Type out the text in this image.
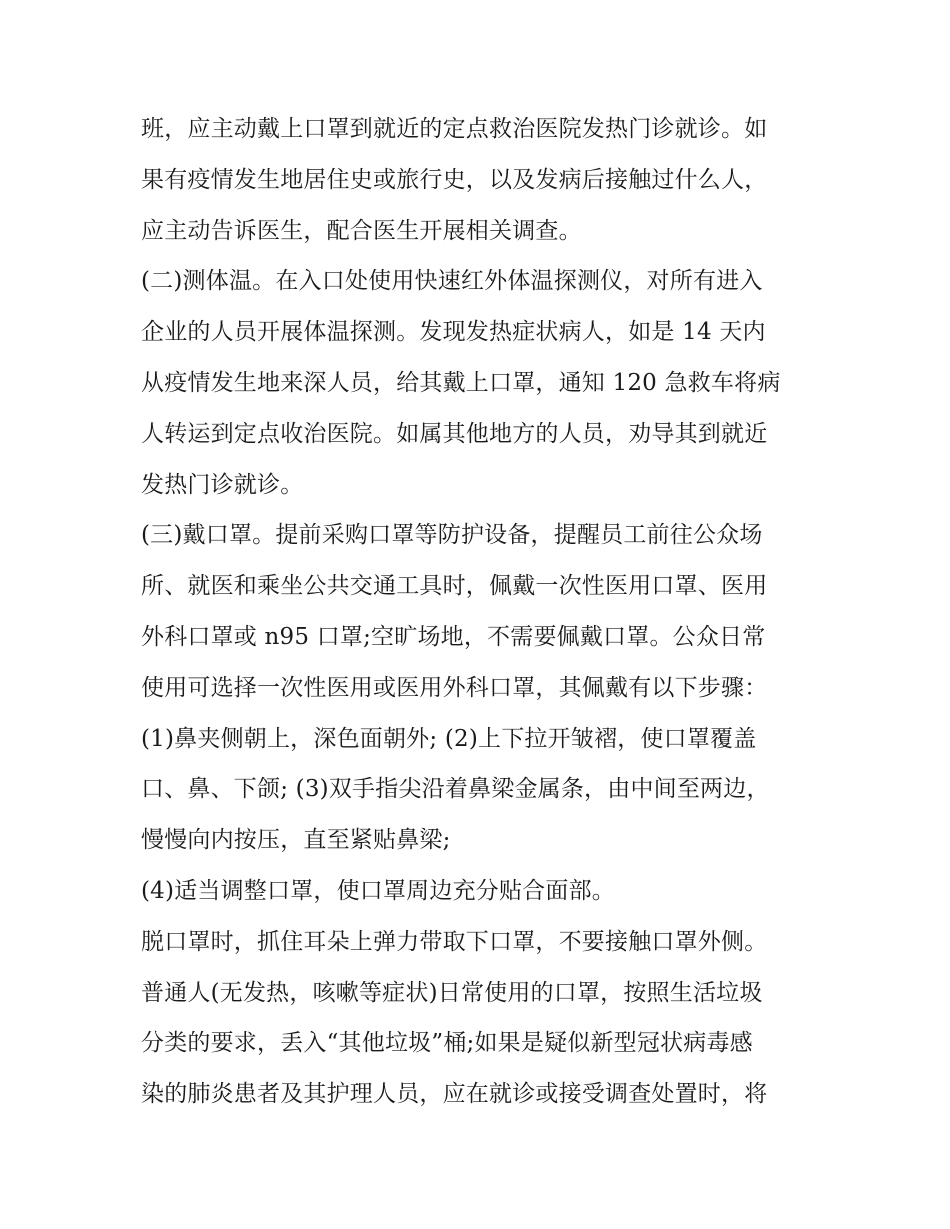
班，应主动戴上口罩到就近的定点救治医院发热门诊就诊。如
果有疫情发生地居住史或旅行史，以及发病后接触过什么人，
应主动告诉医生，配合医生开展相关调查。
(二)测体温。在入口处使用快速红外体温探测仪，对所有进入
企业的人员开展体温探测。发现发热症状病人，如是 14 天内
从疫情发生地来深人员，给其戴上口罩，通知 120 急救车将病
人转运到定点收治医院。如属其他地方的人员，劝导其到就近
发热门诊就诊。
(三)戴口罩。提前采购口罩等防护设备，提醒员工前往公众场
所、就医和乘坐公共交通工具时，佩戴一次性医用口罩、医用
外科口罩或 n95 口罩;空旷场地，不需要佩戴口罩。公众日常
使用可选择一次性医用或医用外科口罩，其佩戴有以下步骤：
(1)鼻夹侧朝上，深色面朝外; (2)上下拉开皱褶，使口罩覆盖
口、鼻、下颌; (3)双手指尖沿着鼻梁金属条，由中间至两边，
慢慢向内按压，直至紧贴鼻梁;
(4)适当调整口罩，使口罩周边充分贴合面部。
脱口罩时，抓住耳朵上弹力带取下口罩，不要接触口罩外侧。
普通人(无发热，咳嗽等症状)日常使用的口罩，按照生活垃圾
分类的要求，丢入“其他垃圾”桶;如果是疑似新型冠状病毒感
染的肺炎患者及其护理人员，应在就诊或接受调查处置时，将
